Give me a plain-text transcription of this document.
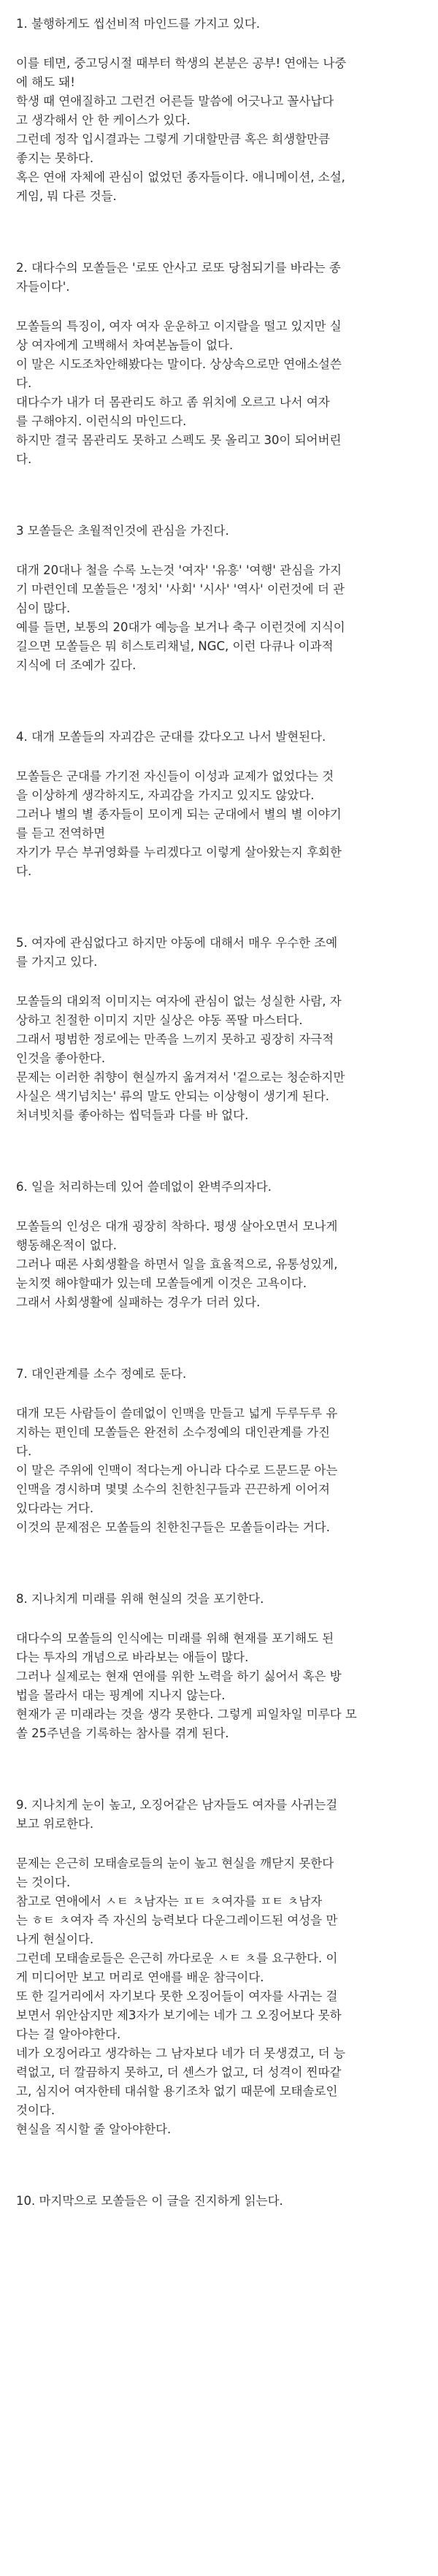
1. 불행하게도 씹선비적 마인드를 가지고 있다.

이를 테면, 중고딩시절 때부터 학생의 본분은 공부! 연애는 나중
에 해도 돼!
학생 때 연애질하고 그런건 어른들 말씀에 어긋나고 꼴사납다
고 생각해서 안 한 케이스가 있다.
그런데 정작 입시결과는 그렇게 기대할만큼 혹은 희생할만큼
좋지는 못하다.
혹은 연애 자체에 관심이 없었던 종자들이다. 애니메이션, 소설,
게임, 뭐 다른 것들.

2. 대다수의 모쏠들은 '로또 안사고 로또 당첨되기를 바라는 종
자들이다'.

모쏠들의 특징이, 여자 여자 운운하고 이지랄을 떨고 있지만 실
상 여자에게 고백해서 차여본놈들이 없다.
이 말은 시도조차안해봤다는 말이다. 상상속으로만 연애소설쓴
다.
대다수가 내가 더 몸관리도 하고 좀 위치에 오르고 나서 여자
를 구해야지. 이런식의 마인드다.
하지만 결국 몸관리도 못하고 스펙도 못 올리고 30이 되어버린
다.

3 모쏠들은 초월적인것에 관심을 가진다.

대개 20대나 철을 수록 노는것 '여자' '유흥' '여행' 관심을 가지
기 마련인데 모쏠들은 '정치' '사회' '시사' '역사' 이런것에 더 관
심이 많다.
예를 들면, 보통의 20대가 예능을 보거나 축구 이런것에 지식이
길으면 모쏠들은 뭐 히스토리채널, NGC, 이런 다큐나 이과적
지식에 더 조예가 깊다.

4. 대개 모쏠들의 자괴감은 군대를 갔다오고 나서 발현된다.

모쏠들은 군대를 가기전 자신들이 이성과 교제가 없었다는 것
을 이상하게 생각하지도, 자괴감을 가지고 있지도 않았다.
그러나 별의 별 종자들이 모이게 되는 군대에서 별의 별 이야기
를 듣고 전역하면
자기가 무슨 부귀영화를 누리겠다고 이렇게 살아왔는지 후회한
다.

5. 여자에 관심없다고 하지만 야동에 대해서 매우 우수한 조예
를 가지고 있다.

모쏠들의 대외적 이미지는 여자에 관심이 없는 성실한 사람, 자
상하고 친절한 이미지 지만 실상은 야동 폭딸 마스터다.
그래서 평범한 정로에는 만족을 느끼지 못하고 굉장히 자극적
인것을 좋아한다.
문제는 이러한 취향이 현실까지 옮겨져서 '겉으로는 청순하지만
사실은 색기넘치는' 류의 말도 안되는 이상형이 생기게 된다.
처녀빗치를 좋아하는 씹덕들과 다를 바 없다.

6. 일을 처리하는데 있어 쓸데없이 완벽주의자다.

모쏠들의 인성은 대개 굉장히 착하다. 평생 살아오면서 모나게
행동해온적이 없다.
그러나 때론 사회생활을 하면서 일을 효율적으로, 유통성있게,
눈치껏 해야할때가 있는데 모쏠들에게 이것은 고욕이다.
그래서 사회생활에 실패하는 경우가 더러 있다.

7. 대인관계를 소수 정예로 둔다.

대개 모든 사람들이 쓸데없이 인맥을 만들고 넓게 두루두루 유
지하는 편인데 모쏠들은 완전히 소수정예의 대인관계를 가진
다.
이 말은 주위에 인맥이 적다는게 아니라 다수로 드문드문 아는
인맥을 경시하며 몇몇 소수의 친한친구들과 끈끈하게 이어져
있다라는 거다.
이것의 문제점은 모쏠들의 친한친구들은 모쏠들이라는 거다.

8. 지나치게 미래를 위해 현실의 것을 포기한다.

대다수의 모쏠들의 인식에는 미래를 위해 현재를 포기해도 된
다는 투자의 개념으로 바라보는 애들이 많다.
그러나 실제로는 현재 연애를 위한 노력을 하기 싫어서 혹은 방
법을 몰라서 대는 핑계에 지나지 않는다.
현재가 곧 미래라는 것을 생각 못한다. 그렇게 피일차일 미루다 모
쏠 25주년을 기록하는 참사를 겪게 된다.

9. 지나치게 눈이 높고, 오징어같은 남자들도 여자를 사귀는걸
보고 위로한다.

문제는 은근히 모태솔로들의 눈이 높고 현실을 깨닫지 못한다
는 것이다.
참고로 연애에서 ㅅㅌ ㅊ남자는 ㅍㅌ ㅊ여자를 ㅍㅌ ㅊ남자
는 ㅎㅌ ㅊ여자 즉 자신의 능력보다 다운그레이드된 여성을 만
나게 현실이다.
그런데 모태솔로들은 은근히 까다로운 ㅅㅌ ㅊ를 요구한다. 이
게 미디어만 보고 머리로 연애를 배운 참극이다.
또 한 길거리에서 자기보다 못한 오징어들이 여자를 사귀는 걸
보면서 위안삼지만 제3자가 보기에는 네가 그 오징어보다 못하
다는 걸 알아야한다.
네가 오징어라고 생각하는 그 남자보다 네가 더 못생겼고, 더 능
력없고, 더 깔끔하지 못하고, 더 센스가 없고, 더 성격이 찐따같
고, 심지어 여자한테 대쉬할 용기조차 없기 때문에 모태솔로인
것이다.
현실을 직시할 줄 알아야한다.

10. 마지막으로 모쏠들은 이 글을 진지하게 읽는다.
